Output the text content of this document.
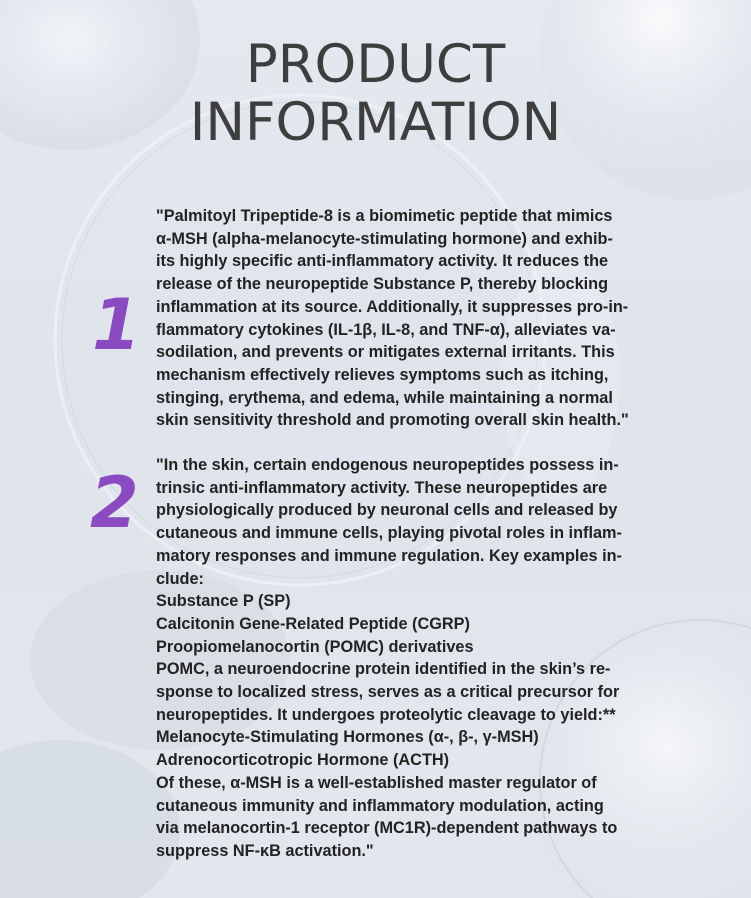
PRODUCT
INFORMATION
1
"Palmitoyl Tripeptide-8 is a biomimetic peptide that mimics
α-MSH (alpha-melanocyte-stimulating hormone) and exhib-
its highly specific anti-inflammatory activity. It reduces the
release of the neuropeptide Substance P, thereby blocking
inflammation at its source. Additionally, it suppresses pro-in-
flammatory cytokines (IL-1β, IL-8, and TNF-α), alleviates va-
sodilation, and prevents or mitigates external irritants. This
mechanism effectively relieves symptoms such as itching,
stinging, erythema, and edema, while maintaining a normal
skin sensitivity threshold and promoting overall skin health."
2 "In the skin, certain endogenous neuropeptides possess in-
trinsic anti-inflammatory activity. These neuropeptides are
physiologically produced by neuronal cells and released by
cutaneous and immune cells, playing pivotal roles in inflam-
matory responses and immune regulation. Key examples in-
clude:
Substance P (SP)
Calcitonin Gene-Related Peptide (CGRP)
Proopiomelanocortin (POMC) derivatives
POMC, a neuroendocrine protein identified in the skin’s re-
sponse to localized stress, serves as a critical precursor for
neuropeptides. It undergoes proteolytic cleavage to yield:**
Melanocyte-Stimulating Hormones (α-, β-, γ-MSH)
Adrenocorticotropic Hormone (ACTH)
Of these, α-MSH is a well-established master regulator of
cutaneous immunity and inflammatory modulation, acting
via melanocortin-1 receptor (MC1R)-dependent pathways to
suppress NF-κB activation."
